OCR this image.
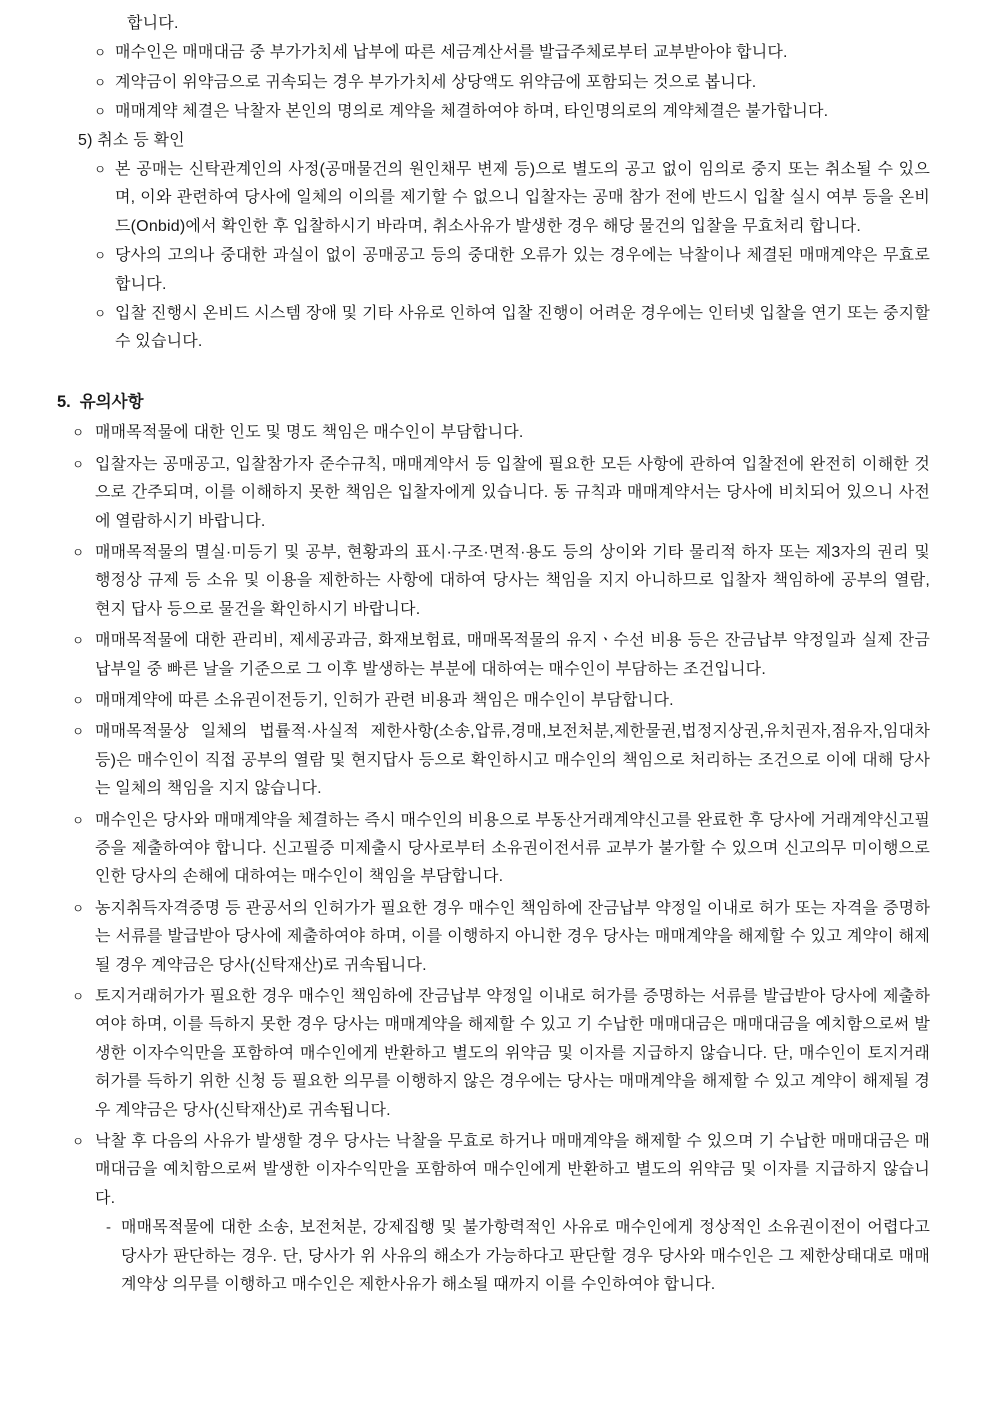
합니다.
ㅇ 매수인은 매매대금 중 부가가치세 납부에 따른 세금계산서를 발급주체로부터 교부받아야 합니다.
ㅇ 계약금이 위약금으로 귀속되는 경우 부가가치세 상당액도 위약금에 포함되는 것으로 봅니다.
ㅇ 매매계약 체결은 낙찰자 본인의 명의로 계약을 체결하여야 하며, 타인명의로의 계약체결은 불가합니다.
5) 취소 등 확인
ㅇ 본 공매는 신탁관계인의 사정(공매물건의 원인채무 변제 등)으로 별도의 공고 없이 임의로 중지 또는 취소될 수 있으며, 이와 관련하여 당사에 일체의 이의를 제기할 수 없으니 입찰자는 공매 참가 전에 반드시 입찰 실시 여부 등을 온비드(Onbid)에서 확인한 후 입찰하시기 바라며, 취소사유가 발생한 경우 해당 물건의 입찰을 무효처리 합니다.
ㅇ 당사의 고의나 중대한 과실이 없이 공매공고 등의 중대한 오류가 있는 경우에는 낙찰이나 체결된 매매계약은 무효로 합니다.
ㅇ 입찰 진행시 온비드 시스템 장애 및 기타 사유로 인하여 입찰 진행이 어려운 경우에는 인터넷 입찰을 연기 또는 중지할 수 있습니다.
5. 유의사항
ㅇ 매매목적물에 대한 인도 및 명도 책임은 매수인이 부담합니다.
ㅇ 입찰자는 공매공고, 입찰참가자 준수규칙, 매매계약서 등 입찰에 필요한 모든 사항에 관하여 입찰전에 완전히 이해한 것으로 간주되며, 이를 이해하지 못한 책임은 입찰자에게 있습니다. 동 규칙과 매매계약서는 당사에 비치되어 있으니 사전에 열람하시기 바랍니다.
ㅇ 매매목적물의 멸실·미등기 및 공부, 현황과의 표시·구조·면적·용도 등의 상이와 기타 물리적 하자 또는 제3자의 권리 및 행정상 규제 등 소유 및 이용을 제한하는 사항에 대하여 당사는 책임을 지지 아니하므로 입찰자 책임하에 공부의 열람, 현지 답사 등으로 물건을 확인하시기 바랍니다.
ㅇ 매매목적물에 대한 관리비, 제세공과금, 화재보험료, 매매목적물의 유지ㆍ수선 비용 등은 잔금납부 약정일과 실제 잔금납부일 중 빠른 날을 기준으로 그 이후 발생하는 부분에 대하여는 매수인이 부담하는 조건입니다.
ㅇ 매매계약에 따른 소유권이전등기, 인허가 관련 비용과 책임은 매수인이 부담합니다.
ㅇ 매매목적물상 일체의 법률적·사실적 제한사항(소송,압류,경매,보전처분,제한물권,법정지상권,유치권자,점유자,임대차 등)은 매수인이 직접 공부의 열람 및 현지답사 등으로 확인하시고 매수인의 책임으로 처리하는 조건으로 이에 대해 당사는 일체의 책임을 지지 않습니다.
ㅇ 매수인은 당사와 매매계약을 체결하는 즉시 매수인의 비용으로 부동산거래계약신고를 완료한 후 당사에 거래계약신고필증을 제출하여야 합니다. 신고필증 미제출시 당사로부터 소유권이전서류 교부가 불가할 수 있으며 신고의무 미이행으로 인한 당사의 손해에 대하여는 매수인이 책임을 부담합니다.
ㅇ 농지취득자격증명 등 관공서의 인허가가 필요한 경우 매수인 책임하에 잔금납부 약정일 이내로 허가 또는 자격을 증명하는 서류를 발급받아 당사에 제출하여야 하며, 이를 이행하지 아니한 경우 당사는 매매계약을 해제할 수 있고 계약이 해제될 경우 계약금은 당사(신탁재산)로 귀속됩니다.
ㅇ 토지거래허가가 필요한 경우 매수인 책임하에 잔금납부 약정일 이내로 허가를 증명하는 서류를 발급받아 당사에 제출하여야 하며, 이를 득하지 못한 경우 당사는 매매계약을 해제할 수 있고 기 수납한 매매대금은 매매대금을 예치함으로써 발생한 이자수익만을 포함하여 매수인에게 반환하고 별도의 위약금 및 이자를 지급하지 않습니다. 단, 매수인이 토지거래허가를 득하기 위한 신청 등 필요한 의무를 이행하지 않은 경우에는 당사는 매매계약을 해제할 수 있고 계약이 해제될 경우 계약금은 당사(신탁재산)로 귀속됩니다.
ㅇ 낙찰 후 다음의 사유가 발생할 경우 당사는 낙찰을 무효로 하거나 매매계약을 해제할 수 있으며 기 수납한 매매대금은 매매대금을 예치함으로써 발생한 이자수익만을 포함하여 매수인에게 반환하고 별도의 위약금 및 이자를 지급하지 않습니다.
- 매매목적물에 대한 소송, 보전처분, 강제집행 및 불가항력적인 사유로 매수인에게 정상적인 소유권이전이 어렵다고 당사가 판단하는 경우. 단, 당사가 위 사유의 해소가 가능하다고 판단할 경우 당사와 매수인은 그 제한상태대로 매매계약상 의무를 이행하고 매수인은 제한사유가 해소될 때까지 이를 수인하여야 합니다.
